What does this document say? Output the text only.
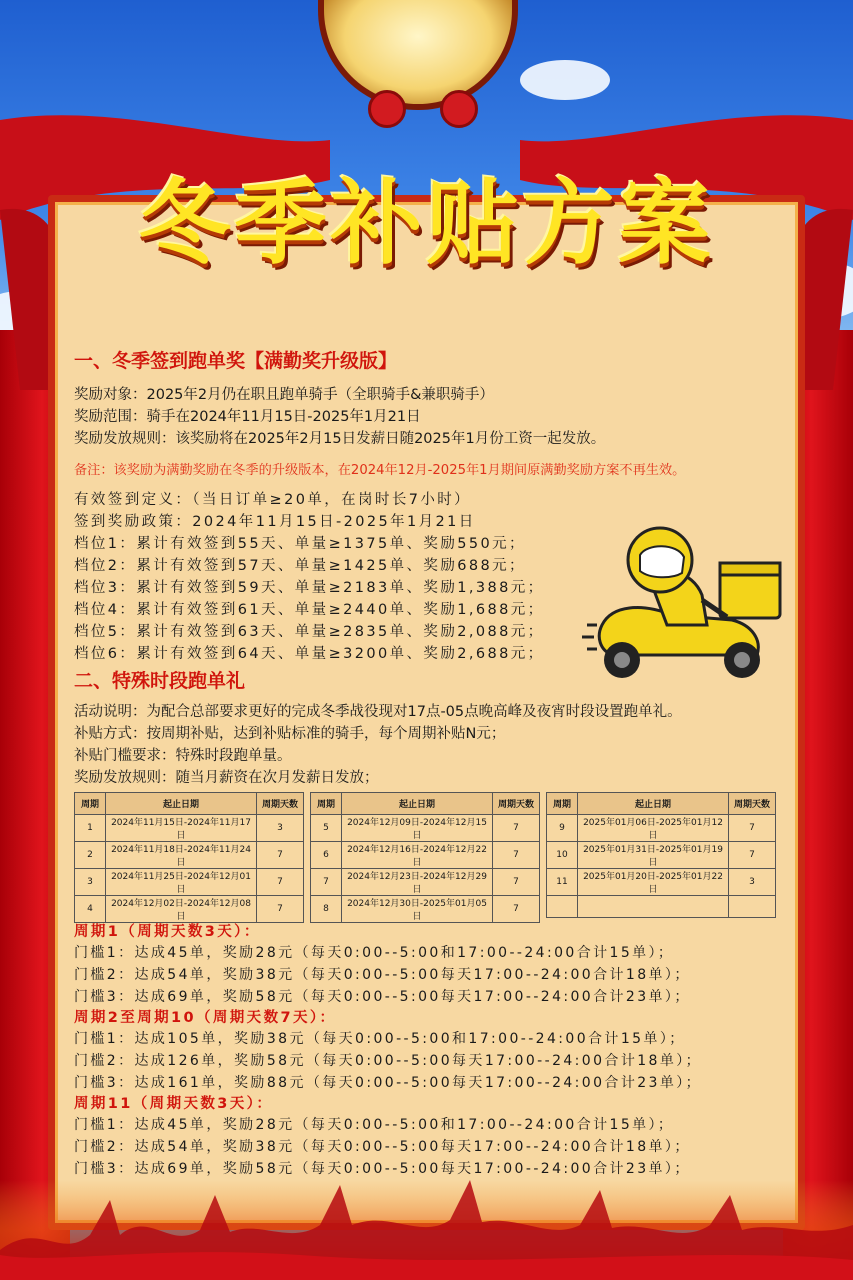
冬季补贴方案
一、冬季签到跑单奖【满勤奖升级版】
奖励对象：2025年2月仍在职且跑单骑手（全职骑手&兼职骑手）
奖励范围：骑手在2024年11月15日-2025年1月21日
奖励发放规则：该奖励将在2025年2月15日发薪日随2025年1月份工资一起发放。
备注：该奖励为满勤奖励在冬季的升级版本，在2024年12月-2025年1月期间原满勤奖励方案不再生效。
有效签到定义：（当日订单≥20单，在岗时长7小时）
签到奖励政策：2024年11月15日-2025年1月21日
档位1：累计有效签到55天、单量≥1375单、奖励550元；
档位2：累计有效签到57天、单量≥1425单、奖励688元；
档位3：累计有效签到59天、单量≥2183单、奖励1,388元；
档位4：累计有效签到61天、单量≥2440单、奖励1,688元；
档位5：累计有效签到63天、单量≥2835单、奖励2,088元；
档位6：累计有效签到64天、单量≥3200单、奖励2,688元；
二、特殊时段跑单礼
活动说明：为配合总部要求更好的完成冬季战役现对17点-05点晚高峰及夜宵时段设置跑单礼。
补贴方式：按周期补贴，达到补贴标准的骑手，每个周期补贴N元；
补贴门槛要求：特殊时段跑单量。
奖励发放规则：随当月薪资在次月发薪日发放；
周期	起止日期	周期天数
1	2024年11月15日-2024年11月17日	3
2	2024年11月18日-2024年11月24日	7
3	2024年11月25日-2024年12月01日	7
4	2024年12月02日-2024年12月08日	7
周期	起止日期	周期天数
5	2024年12月09日-2024年12月15日	7
6	2024年12月16日-2024年12月22日	7
7	2024年12月23日-2024年12月29日	7
8	2024年12月30日-2025年01月05日	7
周期	起止日期	周期天数
9	2025年01月06日-2025年01月12日	7
10	2025年01月31日-2025年01月19日	7
11	2025年01月20日-2025年01月22日	3

周期1（周期天数3天）：
门槛1：达成45单，奖励28元（每天0:00--5:00和17:00--24:00合计15单）；
门槛2：达成54单，奖励38元（每天0:00--5:00每天17:00--24:00合计18单）；
门槛3：达成69单，奖励58元（每天0:00--5:00每天17:00--24:00合计23单）；
周期2至周期10（周期天数7天）：
门槛1：达成105单，奖励38元（每天0:00--5:00和17:00--24:00合计15单）；
门槛2：达成126单，奖励58元（每天0:00--5:00每天17:00--24:00合计18单）；
门槛3：达成161单，奖励88元（每天0:00--5:00每天17:00--24:00合计23单）；
周期11（周期天数3天）：
门槛1：达成45单，奖励28元（每天0:00--5:00和17:00--24:00合计15单）；
门槛2：达成54单，奖励38元（每天0:00--5:00每天17:00--24:00合计18单）；
门槛3：达成69单，奖励58元（每天0:00--5:00每天17:00--24:00合计23单）；
